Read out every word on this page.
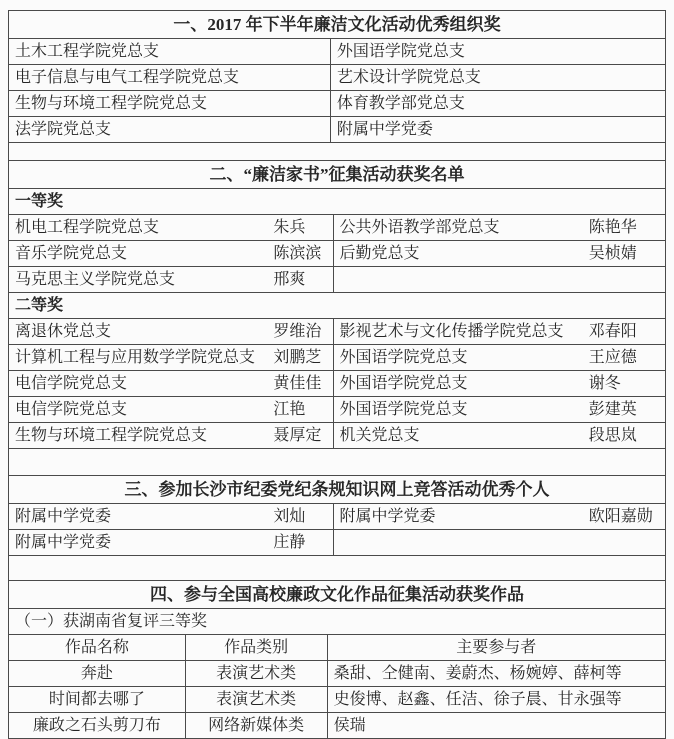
一、2017 年下半年廉洁文化活动优秀组织奖	
土木工程学院党总支	外国语学院党总支
电子信息与电气工程学院党总支	艺术设计学院党总支
生物与环境工程学院党总支	体育教学部党总支
法学院党总支	附属中学党委
二、“廉洁家书”征集活动获奖名单			
一等奖			
机电工程学院党总支	朱兵	公共外语教学部党总支	陈艳华
音乐学院党总支	陈滨滨	后勤党总支	吴桢婧
马克思主义学院党总支	邢爽		
二等奖			
离退休党总支	罗维治	影视艺术与文化传播学院党总支	邓春阳
计算机工程与应用数学学院党总支	刘鹏芝	外国语学院党总支	王应德
电信学院党总支	黄佳佳	外国语学院党总支	谢冬
电信学院党总支	江艳	外国语学院党总支	彭建英
生物与环境工程学院党总支	聂厚定	机关党总支	段思岚
三、参加长沙市纪委党纪条规知识网上竞答活动优秀个人			
附属中学党委	刘灿	附属中学党委	欧阳嘉勋
附属中学党委	庄静		
四、参与全国高校廉政文化作品征集活动获奖作品		
（一）获湖南省复评三等奖		
作品名称	作品类别	主要参与者
奔赴	表演艺术类	桑甜、仝健南、姜蔚杰、杨婉婷、薛柯等
时间都去哪了	表演艺术类	史俊博、赵鑫、任洁、徐子晨、甘永强等
廉政之石头剪刀布	网络新媒体类	侯瑞
